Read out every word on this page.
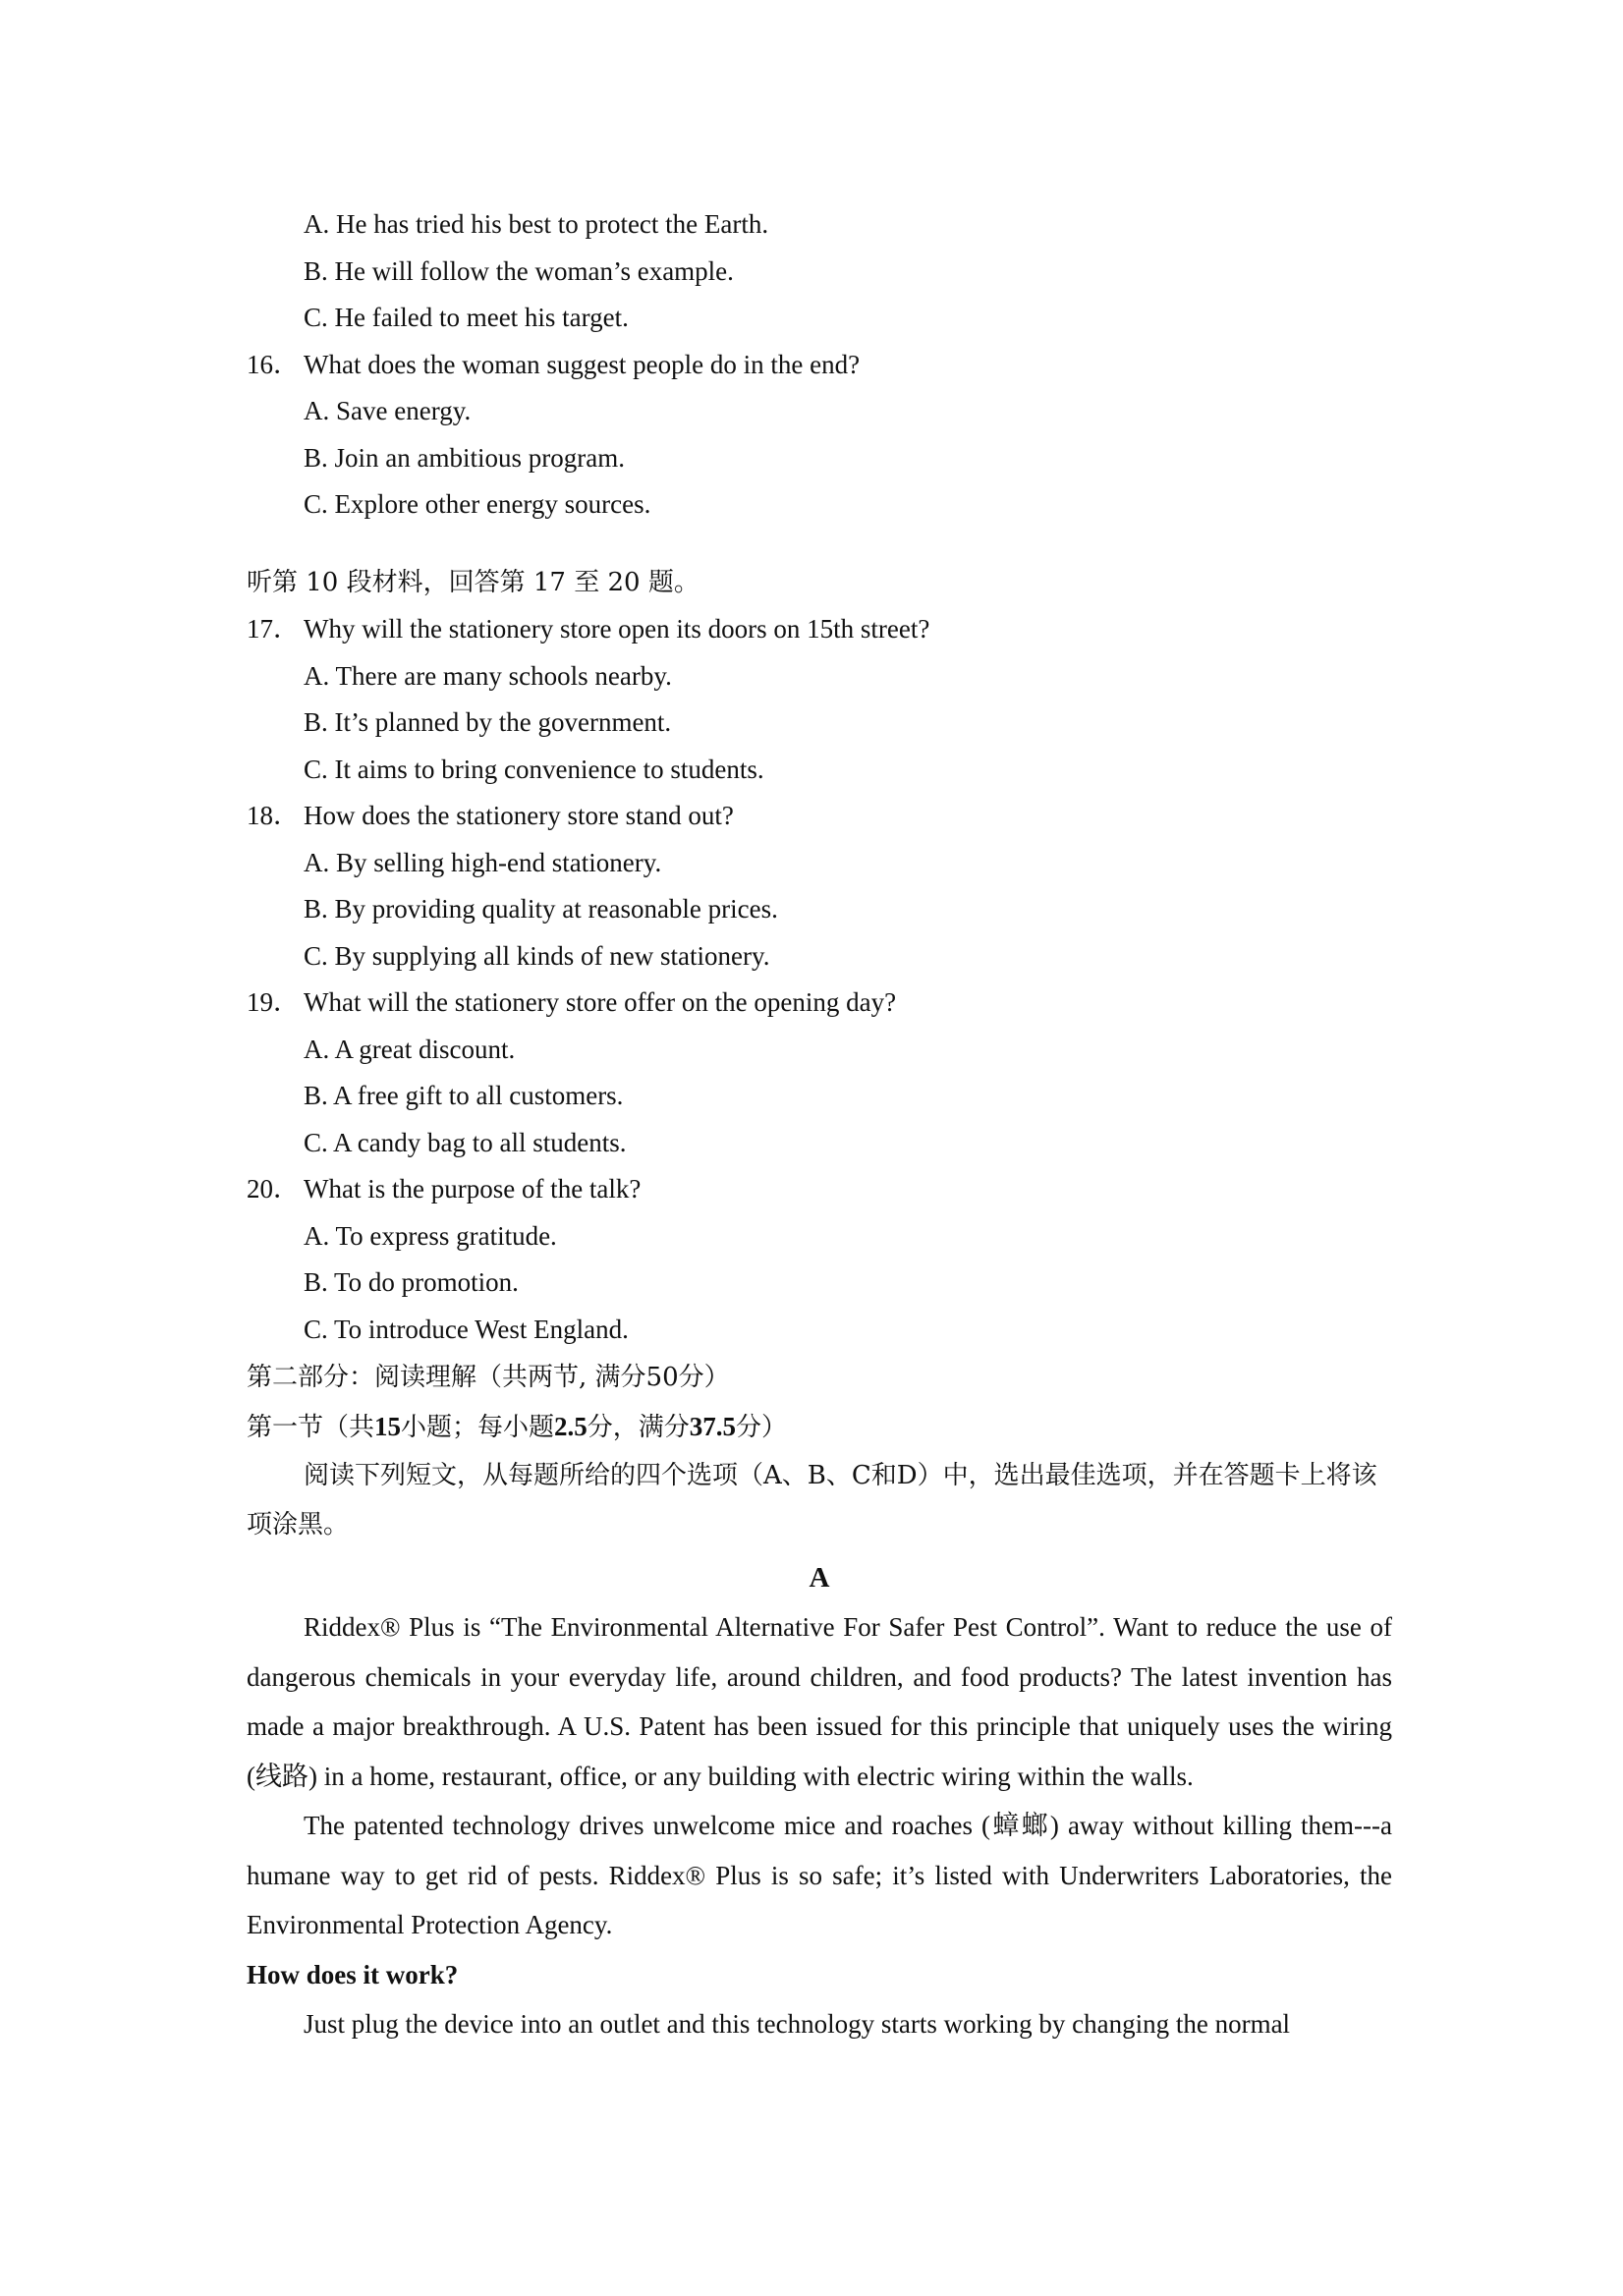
A. He has tried his best to protect the Earth.
B. He will follow the woman’s example.
C. He failed to meet his target.
16． What does the woman suggest people do in the end?
A. Save energy.
B. Join an ambitious program.
C. Explore other energy sources.
听第 10 段材料，回答第 17 至 20 题。
17． Why will the stationery store open its doors on 15th street?
A. There are many schools nearby.
B. It’s planned by the government.
C. It aims to bring convenience to students.
18． How does the stationery store stand out?
A. By selling high-end stationery.
B. By providing quality at reasonable prices.
C. By supplying all kinds of new stationery.
19． What will the stationery store offer on the opening day?
A. A great discount.
B. A free gift to all customers.
C. A candy bag to all students.
20． What is the purpose of the talk?
A. To express gratitude.
B. To do promotion.
C. To introduce West England.
第二部分：阅读理解（共两节, 满分50分）
第一节（共15小题；每小题2.5分，满分37.5分）

阅读下列短文，从每题所给的四个选项（A、B、C和D）中，选出最佳选项，并在答题卡上将该项涂黑。

A

Riddex® Plus is “The Environmental Alternative For Safer Pest Control”. Want to reduce the use of dangerous chemicals in your everyday life, around children, and food products? The latest invention has made a major breakthrough. A U.S. Patent has been issued for this principle that uniquely uses the wiring (线路) in a home, restaurant, office, or any building with electric wiring within the walls.

The patented technology drives unwelcome mice and roaches (蟑螂) away without killing them---a humane way to get rid of pests. Riddex® Plus is so safe; it’s listed with Underwriters Laboratories, the Environmental Protection Agency.

How does it work?

Just plug the device into an outlet and this technology starts working by changing the normal
